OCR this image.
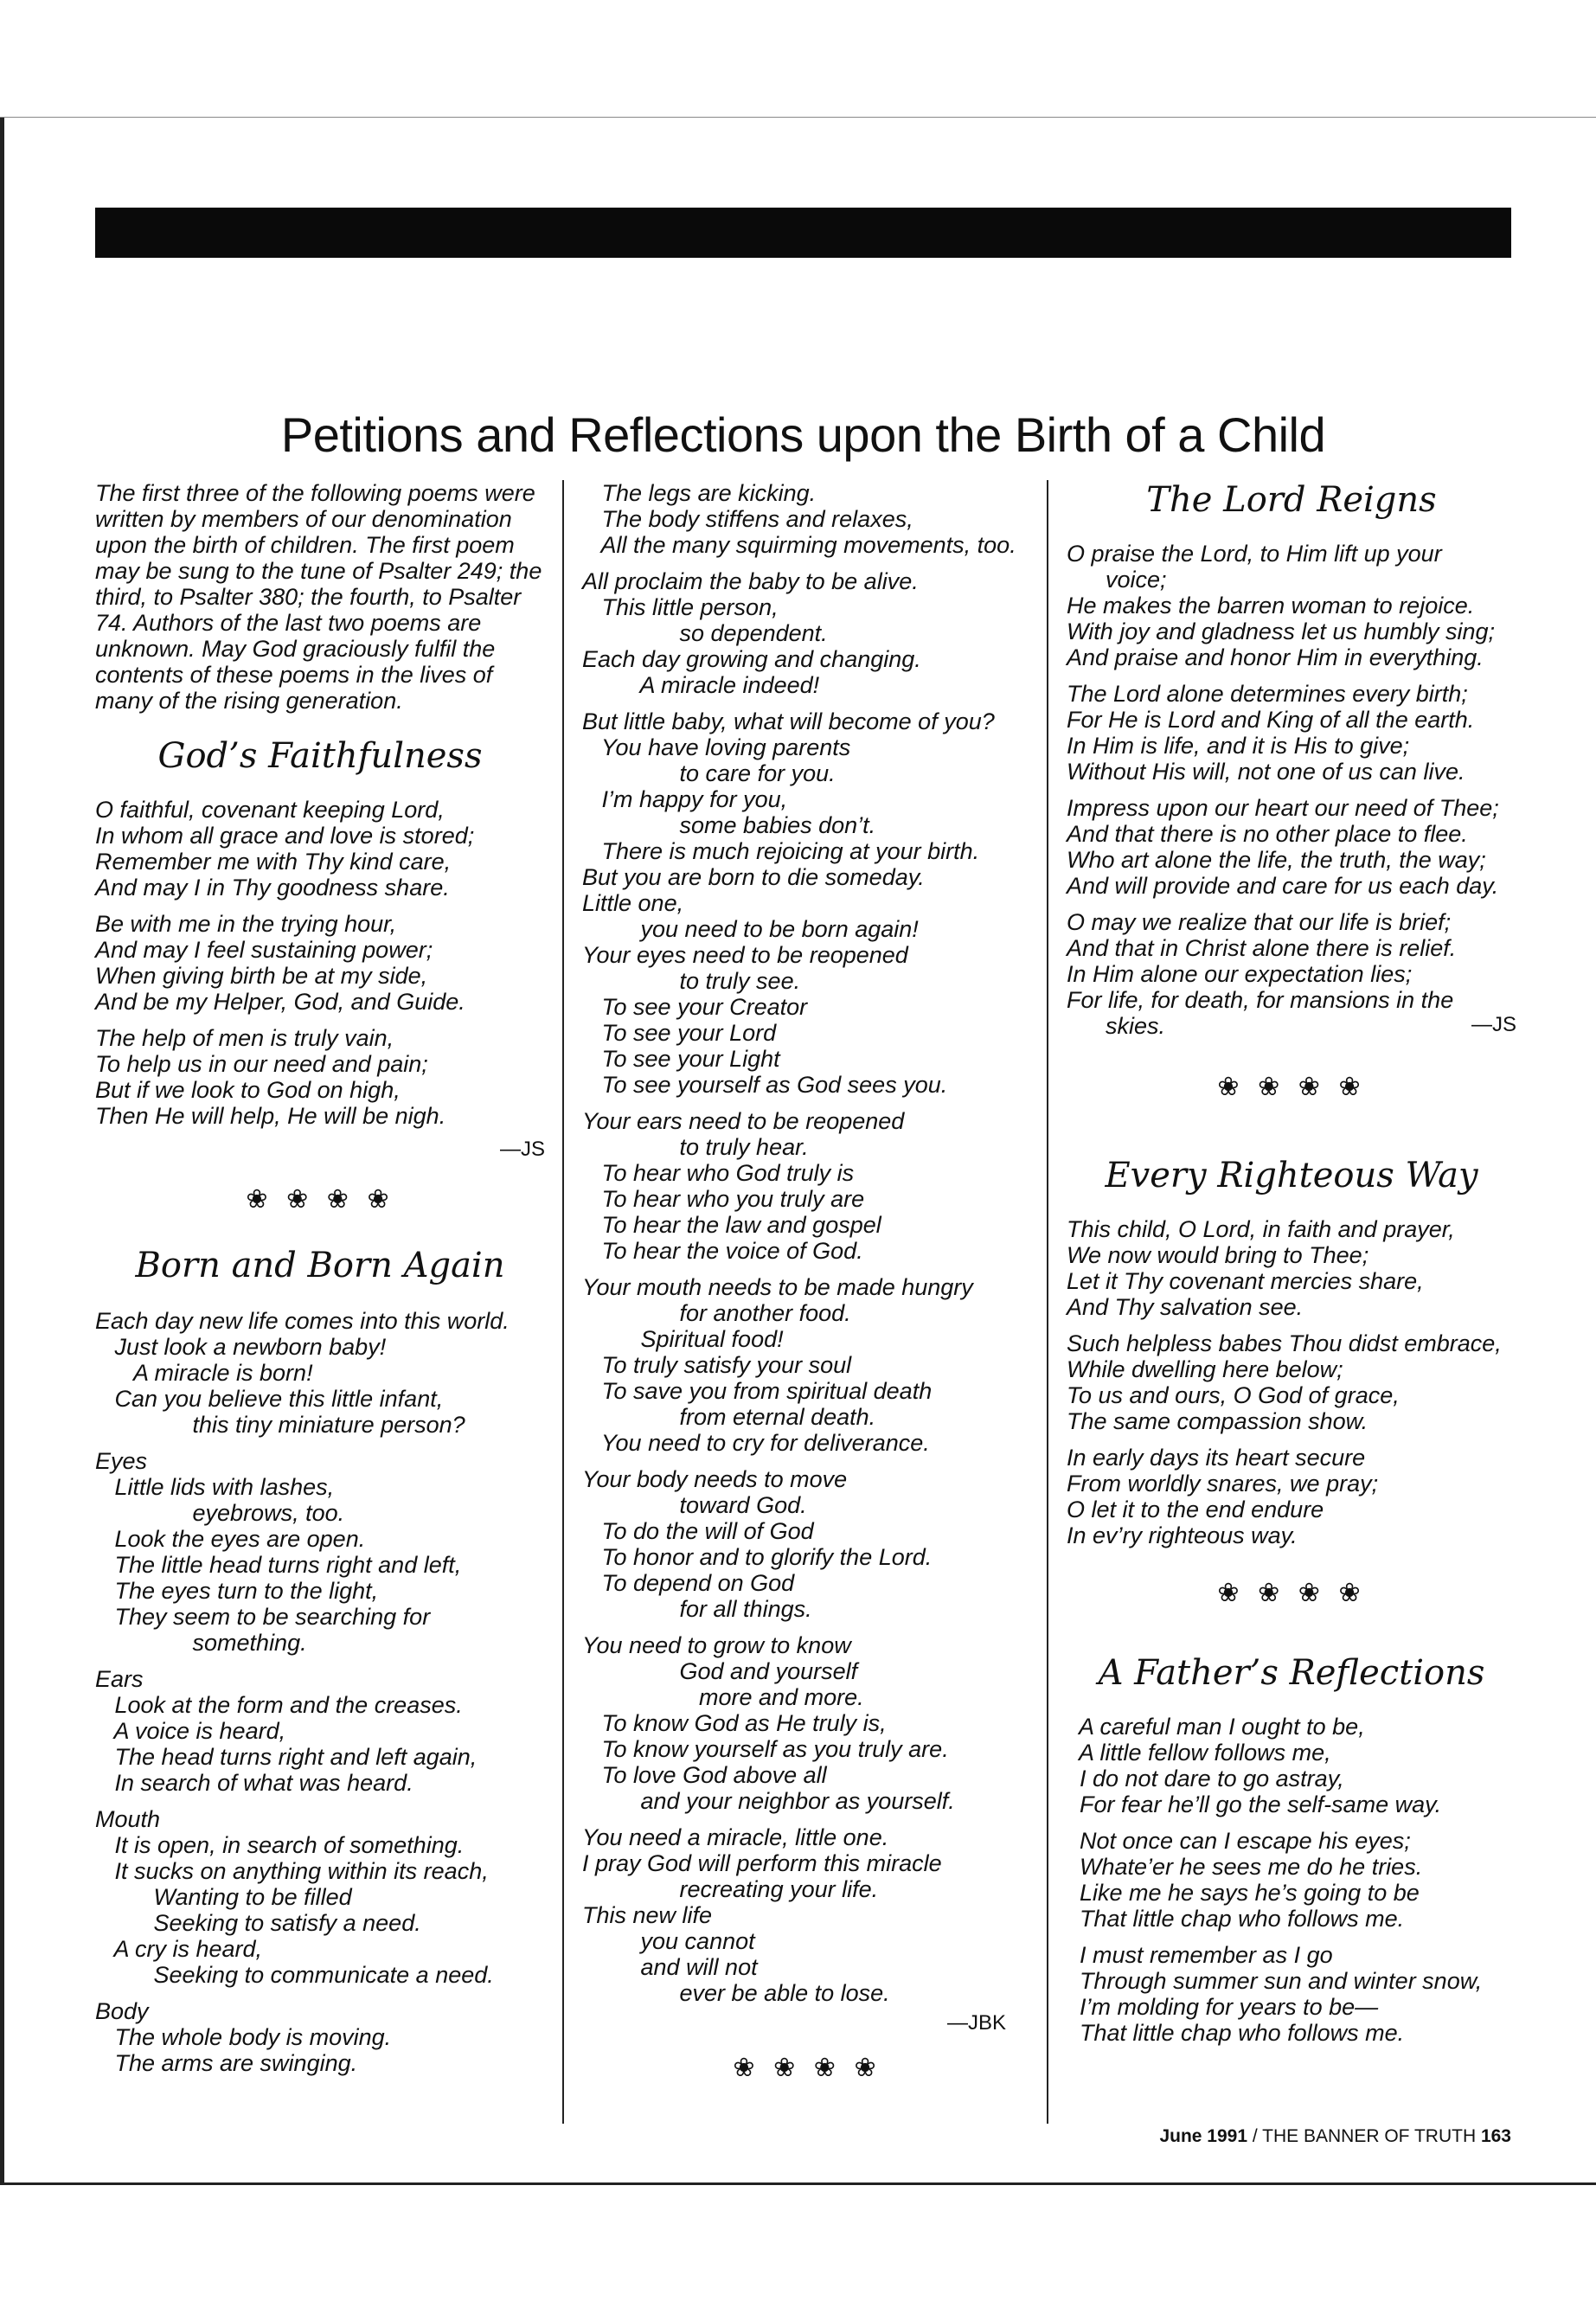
Petitions and Reflections upon the Birth of a Child

The first three of the following poems were written by members of our denomination upon the birth of children. The first poem may be sung to the tune of Psalter 249; the third, to Psalter 380; the fourth, to Psalter 74. Authors of the last two poems are unknown. May God graciously fulfil the contents of these poems in the lives of many of the rising generation.

God’s Faithfulness

O faithful, covenant keeping Lord,

In whom all grace and love is stored;

Remember me with Thy kind care,

And may I in Thy goodness share.

Be with me in the trying hour,

And may I feel sustaining power;

When giving birth be at my side,

And be my Helper, God, and Guide.

The help of men is truly vain,

To help us in our need and pain;

But if we look to God on high,

Then He will help, He will be nigh.

—JS

❀ ❀ ❀ ❀

Born and Born Again

Each day new life comes into this world.

Just look a newborn baby!

A miracle is born!

Can you believe this little infant,

this tiny miniature person?

Eyes

Little lids with lashes,

eyebrows, too.

Look the eyes are open.

The little head turns right and left,

The eyes turn to the light,

They seem to be searching for

something.

Ears

Look at the form and the creases.

A voice is heard,

The head turns right and left again,

In search of what was heard.

Mouth

It is open, in search of something.

It sucks on anything within its reach,

Wanting to be filled

Seeking to satisfy a need.

A cry is heard,

Seeking to communicate a need.

Body

The whole body is moving.

The arms are swinging.

The legs are kicking.

The body stiffens and relaxes,

All the many squirming movements, too.

All proclaim the baby to be alive.

This little person,

so dependent.

Each day growing and changing.

A miracle indeed!

But little baby, what will become of you?

You have loving parents

to care for you.

I’m happy for you,

some babies don’t.

There is much rejoicing at your birth.

But you are born to die someday.

Little one,

you need to be born again!

Your eyes need to be reopened

to truly see.

To see your Creator

To see your Lord

To see your Light

To see yourself as God sees you.

Your ears need to be reopened

to truly hear.

To hear who God truly is

To hear who you truly are

To hear the law and gospel

To hear the voice of God.

Your mouth needs to be made hungry

for another food.

Spiritual food!

To truly satisfy your soul

To save you from spiritual death

from eternal death.

You need to cry for deliverance.

Your body needs to move

toward God.

To do the will of God

To honor and to glorify the Lord.

To depend on God

for all things.

You need to grow to know

God and yourself

more and more.

To know God as He truly is,

To know yourself as you truly are.

To love God above all

and your neighbor as yourself.

You need a miracle, little one.

I pray God will perform this miracle

recreating your life.

This new life

you cannot

and will not

ever be able to lose.

—JBK

❀ ❀ ❀ ❀

The Lord Reigns

O praise the Lord, to Him lift up your

voice;

He makes the barren woman to rejoice.

With joy and gladness let us humbly sing;

And praise and honor Him in everything.

The Lord alone determines every birth;

For He is Lord and King of all the earth.

In Him is life, and it is His to give;

Without His will, not one of us can live.

Impress upon our heart our need of Thee;

And that there is no other place to flee.

Who art alone the life, the truth, the way;

And will provide and care for us each day.

O may we realize that our life is brief;

And that in Christ alone there is relief.

In Him alone our expectation lies;

For life, for death, for mansions in the

skies.	—JS

❀ ❀ ❀ ❀

Every Righteous Way

This child, O Lord, in faith and prayer,

We now would bring to Thee;

Let it Thy covenant mercies share,

And Thy salvation see.

Such helpless babes Thou didst embrace,

While dwelling here below;

To us and ours, O God of grace,

The same compassion show.

In early days its heart secure

From worldly snares, we pray;

O let it to the end endure

In ev’ry righteous way.

❀ ❀ ❀ ❀

A Father’s Reflections

A careful man I ought to be,

A little fellow follows me,

I do not dare to go astray,

For fear he’ll go the self-same way.

Not once can I escape his eyes;

Whate’er he sees me do he tries.

Like me he says he’s going to be

That little chap who follows me.

I must remember as I go

Through summer sun and winter snow,

I’m molding for years to be—

That little chap who follows me.

June 1991 / THE BANNER OF TRUTH 163
